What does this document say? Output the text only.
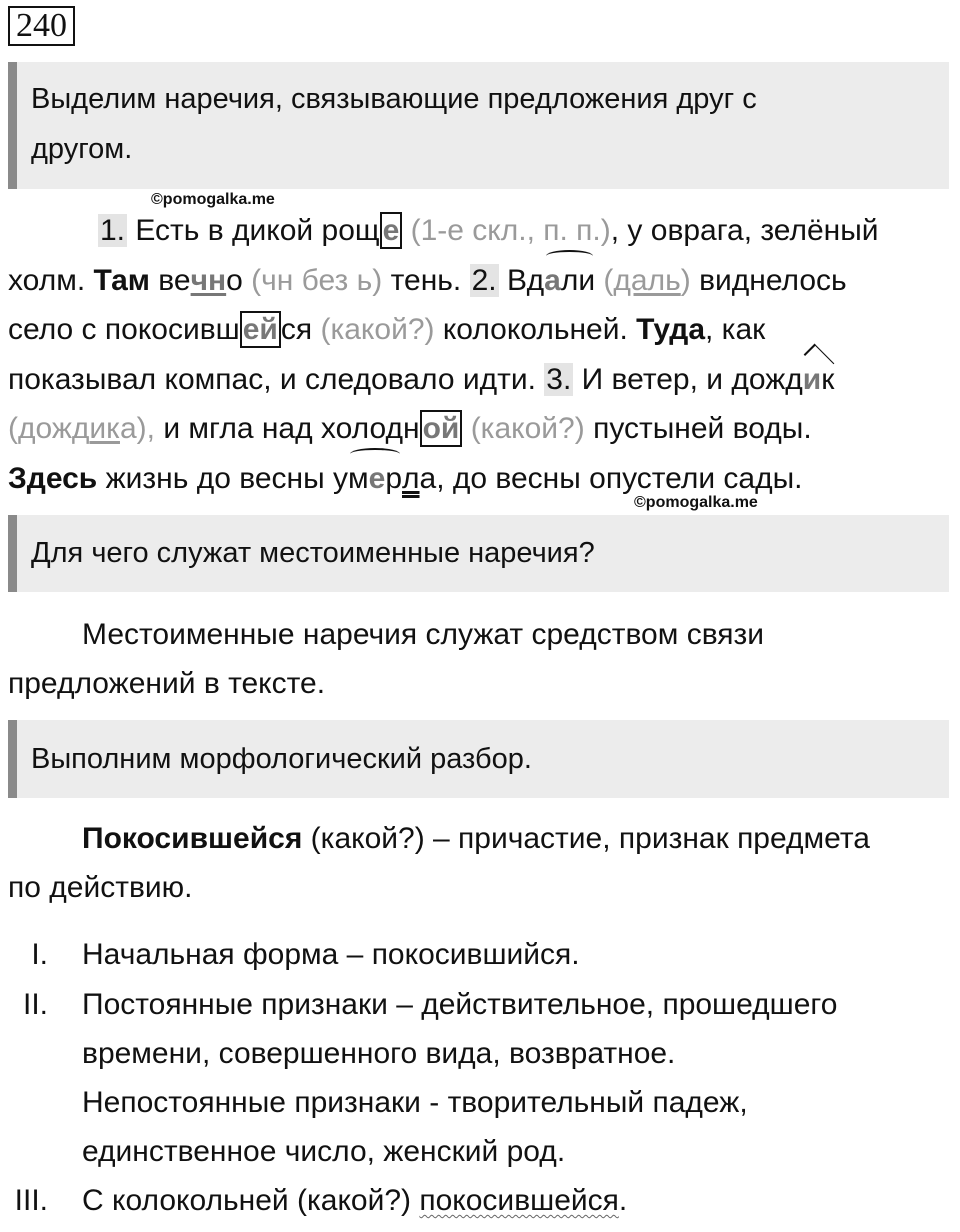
240
Выделим наречия, связывающие предложения друг с
другом.
©pomogalka.me
1. Есть в дикой рощ е (1-е скл., п. п.), у оврага, зелёный
холм. Там вечно (чн без ь) тень. 2. Вдали (даль) виднелось
село с покосивш ей ся (какой?) колокольней. Туда, как
показывал компас, и следовало идти. 3. И ветер, и дождик
(дождика), и мгла над холодн ой (какой?) пустыней воды.
Здесь жизнь до весны умерла, до весны опустели сады.
©pomogalka.me
Для чего служат местоименные наречия?
Местоименные наречия служат средством связи
предложений в тексте.
Выполним морфологический разбор.
Покосившейся (какой?) – причастие, признак предмета
по действию.
I. Начальная форма – покосившийся.
II. Постоянные признаки – действительное, прошедшего
времени, совершенного вида, возвратное.
Непостоянные признаки - творительный падеж,
единственное число, женский род.
III. С колокольней (какой?) покосившейся.
